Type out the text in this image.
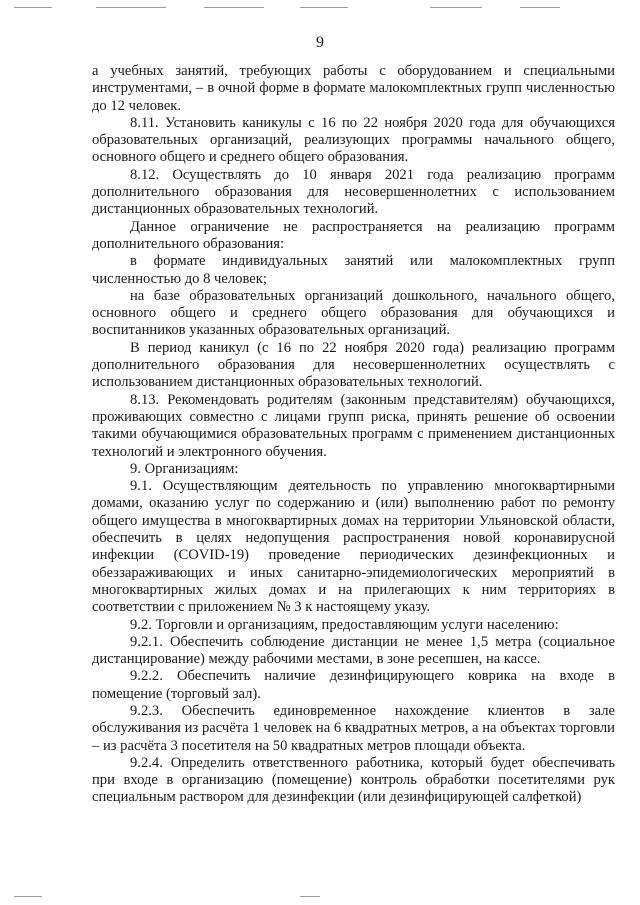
9

а учебных занятий, требующих работы с оборудованием и специальными инструментами, – в очной форме в формате малокомплектных групп численностью до 12 человек.

8.11. Установить каникулы с 16 по 22 ноября 2020 года для обучающихся образовательных организаций, реализующих программы начального общего, основного общего и среднего общего образования.

8.12. Осуществлять до 10 января 2021 года реализацию программ дополнительного образования для несовершеннолетних с использованием дистанционных образовательных технологий.

Данное ограничение не распространяется на реализацию программ дополнительного образования:

в формате индивидуальных занятий или малокомплектных групп численностью до 8 человек;

на базе образовательных организаций дошкольного, начального общего, основного общего и среднего общего образования для обучающихся и воспитанников указанных образовательных организаций.

В период каникул (с 16 по 22 ноября 2020 года) реализацию программ дополнительного образования для несовершеннолетних осуществлять с использованием дистанционных образовательных технологий.

8.13. Рекомендовать родителям (законным представителям) обучающихся, проживающих совместно с лицами групп риска, принять решение об освоении такими обучающимися образовательных программ с применением дистанционных технологий и электронного обучения.

9. Организациям:

9.1. Осуществляющим деятельность по управлению многоквартирными домами, оказанию услуг по содержанию и (или) выполнению работ по ремонту общего имущества в многоквартирных домах на территории Ульяновской области, обеспечить в целях недопущения распространения новой коронавирусной инфекции (COVID-19) проведение периодических дезинфекционных и обеззараживающих и иных санитарно-эпидемиологических мероприятий в многоквартирных жилых домах и на прилегающих к ним территориях в соответствии с приложением № 3 к настоящему указу.

9.2. Торговли и организациям, предоставляющим услуги населению:

9.2.1. Обеспечить соблюдение дистанции не менее 1,5 метра (социальное дистанцирование) между рабочими местами, в зоне ресепшен, на кассе.

9.2.2. Обеспечить наличие дезинфицирующего коврика на входе в помещение (торговый зал).

9.2.3. Обеспечить единовременное нахождение клиентов в зале обслуживания из расчёта 1 человек на 6 квадратных метров, а на объектах торговли – из расчёта 3 посетителя на 50 квадратных метров площади объекта.

9.2.4. Определить ответственного работника, который будет обеспечивать при входе в организацию (помещение) контроль обработки посетителями рук специальным раствором для дезинфекции (или дезинфицирующей салфеткой)
